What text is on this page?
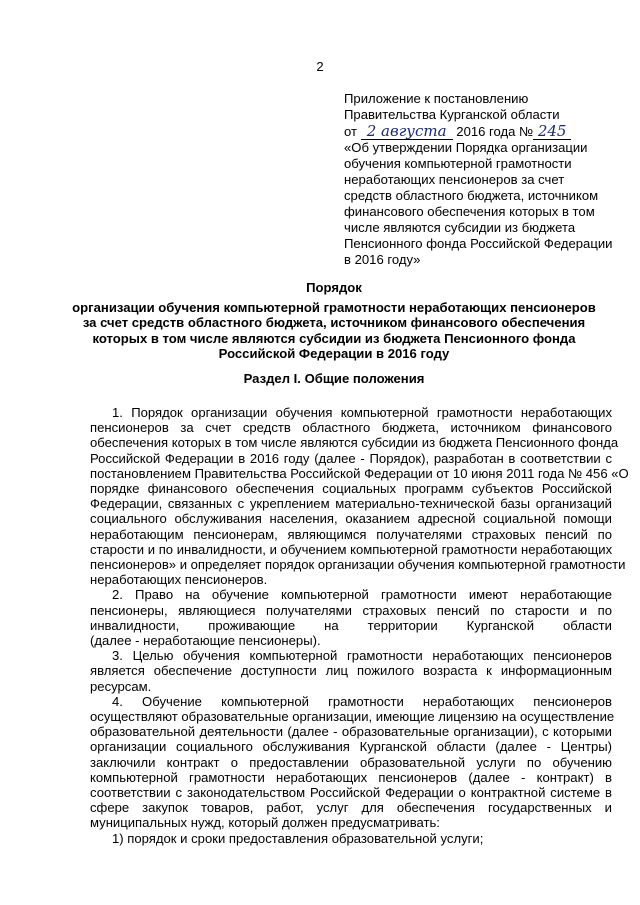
2
Приложение к постановлению
Правительства Курганской области
от 2 августа 2016 года № 245
«Об утверждении Порядка организации
обучения компьютерной грамотности
неработающих пенсионеров за счет
средств областного бюджета, источником
финансового обеспечения которых в том
числе являются субсидии из бюджета
Пенсионного фонда Российской Федерации
в 2016 году»
Порядок
организации обучения компьютерной грамотности неработающих пенсионеров
за счет средств областного бюджета, источником финансового обеспечения
которых в том числе являются субсидии из бюджета Пенсионного фонда
Российской Федерации в 2016 году
Раздел I. Общие положения
1. Порядок организации обучения компьютерной грамотности неработающих
пенсионеров за счет средств областного бюджета, источником финансового
обеспечения которых в том числе являются субсидии из бюджета Пенсионного фонда
Российской Федерации в 2016 году (далее - Порядок), разработан в соответствии с
постановлением Правительства Российской Федерации от 10 июня 2011 года № 456 «О
порядке финансового обеспечения социальных программ субъектов Российской
Федерации, связанных с укреплением материально-технической базы организаций
социального обслуживания населения, оказанием адресной социальной помощи
неработающим пенсионерам, являющимся получателями страховых пенсий по
старости и по инвалидности, и обучением компьютерной грамотности неработающих
пенсионеров» и определяет порядок организации обучения компьютерной грамотности
неработающих пенсионеров.
2. Право на обучение компьютерной грамотности имеют неработающие
пенсионеры, являющиеся получателями страховых пенсий по старости и по
инвалидности, проживающие на территории Курганской области
(далее - неработающие пенсионеры).
3. Целью обучения компьютерной грамотности неработающих пенсионеров
является обеспечение доступности лиц пожилого возраста к информационным
ресурсам.
4. Обучение компьютерной грамотности неработающих пенсионеров
осуществляют образовательные организации, имеющие лицензию на осуществление
образовательной деятельности (далее - образовательные организации), с которыми
организации социального обслуживания Курганской области (далее - Центры)
заключили контракт о предоставлении образовательной услуги по обучению
компьютерной грамотности неработающих пенсионеров (далее - контракт) в
соответствии с законодательством Российской Федерации о контрактной системе в
сфере закупок товаров, работ, услуг для обеспечения государственных и
муниципальных нужд, который должен предусматривать:
1) порядок и сроки предоставления образовательной услуги;
